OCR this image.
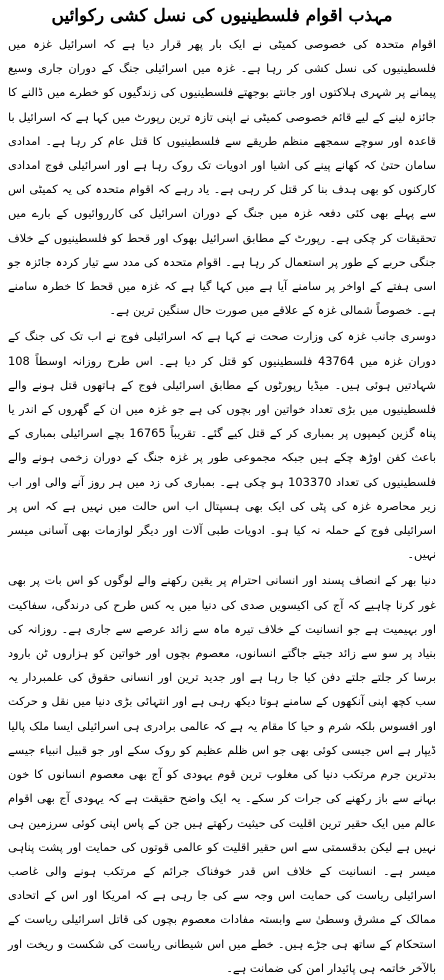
مہذب اقوام فلسطینیوں کی نسل کشی رکوائیں

اقوام متحدہ کی خصوصی کمیٹی نے ایک بار پھر قرار دیا ہے کہ اسرائیل غزہ میں فلسطینیوں کی نسل کشی کر رہا ہے۔ غزہ میں اسرائیلی جنگ کے دوران جاری وسیع پیمانے پر شہری ہلاکتوں اور جانتے بوجھتے فلسطینیوں کی زندگیوں کو خطرے میں ڈالنے کا جائزہ لینے کے لیے قائم خصوصی کمیٹی نے اپنی تازہ ترین رپورٹ میں کہا ہے کہ اسرائیل با قاعدہ اور سوچے سمجھے منظم طریقے سے فلسطینیوں کا قتل عام کر رہا ہے۔ امدادی سامان حتیٰ کہ کھانے پینے کی اشیا اور ادویات تک روک رہا ہے اور اسرائیلی فوج امدادی کارکنوں کو بھی ہدف بنا کر قتل کر رہی ہے۔ یاد رہے کہ اقوام متحدہ کی یہ کمیٹی اس سے پہلے بھی کئی دفعہ غزہ میں جنگ کے دوران اسرائیل کی کارروائیوں کے بارے میں تحقیقات کر چکی ہے۔ رپورٹ کے مطابق اسرائیل بھوک اور قحط کو فلسطینیوں کے خلاف جنگی حربے کے طور پر استعمال کر رہا ہے۔ اقوام متحدہ کی مدد سے تیار کردہ جائزہ جو اسی ہفتے کے اواخر پر سامنے آیا ہے میں کہا گیا ہے کہ غزہ میں قحط کا خطرہ سامنے ہے۔ خصوصاً شمالی غزہ کے علاقے میں صورت حال سنگین ترین ہے۔

دوسری جانب غزہ کی وزارت صحت نے کہا ہے کہ اسرائیلی فوج نے اب تک کی جنگ کے دوران غزہ میں 43764 فلسطینیوں کو قتل کر دیا ہے۔ اس طرح روزانہ اوسطاً 108 شہادتیں ہوئی ہیں۔ میڈیا رپورٹوں کے مطابق اسرائیلی فوج کے ہاتھوں قتل ہونے والے فلسطینیوں میں بڑی تعداد خواتین اور بچوں کی ہے جو غزہ میں ان کے گھروں کے اندر یا پناہ گزین کیمپوں پر بمباری کر کے قتل کیے گئے۔ تقریباً 16765 بچے اسرائیلی بمباری کے باعث کفن اوڑھ چکے ہیں جبکہ مجموعی طور پر غزہ جنگ کے دوران زخمی ہونے والے فلسطینیوں کی تعداد 103370 ہو چکی ہے۔ بمباری کی زد میں ہر روز آنے والی اور اب زیر محاصرہ غزہ کی پٹی کی ایک بھی ہسپتال اب اس حالت میں نہیں ہے کہ اس پر اسرائیلی فوج کے حملہ نہ کیا ہو۔ ادویات طبی آلات اور دیگر لوازمات بھی آسانی میسر نہیں۔

دنیا بھر کے انصاف پسند اور انسانی احترام پر یقین رکھنے والے لوگوں کو اس بات پر بھی غور کرنا چاہیے کہ آج کی اکیسویں صدی کی دنیا میں یہ کس طرح کی درندگی، سفاکیت اور بہیمیت ہے جو انسانیت کے خلاف تیرہ ماہ سے زائد عرصے سے جاری ہے۔ روزانہ کی بنیاد پر سو سے زائد جیتے جاگتے انسانوں، معصوم بچوں اور خواتین کو ہزاروں ٹن بارود برسا کر جلتے جلتے دفن کیا جا رہا ہے اور جدید ترین اور انسانی حقوق کی علمبردار یہ سب کچھ اپنی آنکھوں کے سامنے ہوتا دیکھ رہی ہے اور انتہائی بڑی دنیا میں نقل و حرکت اور افسوس بلکہ شرم و حیا کا مقام یہ ہے کہ عالمی برادری ہی اسرائیلی ایسا ملک پالیا ڈیپار ہے اس جیسی کوئی بھی جو اس ظلم عظیم کو روک سکے اور جو قبیل انبیاء جیسے بدترین جرم مرتکب دنیا کی مغلوب ترین قوم یہودی کو آج بھی معصوم انسانوں کا خون بہانے سے باز رکھنے کی جرات کر سکے۔ یہ ایک واضح حقیقت ہے کہ یہودی آج بھی اقوام عالم میں ایک حقیر ترین اقلیت کی حیثیت رکھتے ہیں جن کے پاس اپنی کوئی سرزمین ہی نہیں ہے لیکن بدقسمتی سے اس حقیر اقلیت کو عالمی قوتوں کی حمایت اور پشت پناہی میسر ہے۔ انسانیت کے خلاف اس قدر خوفناک جرائم کے مرتکب ہونے والی غاصب اسرائیلی ریاست کی حمایت اس وجہ سے کی جا رہی ہے کہ امریکا اور اس کے اتحادی ممالک کے مشرق وسطیٰ سے وابستہ مفادات معصوم بچوں کی قاتل اسرائیلی ریاست کے استحکام کے ساتھ ہی جڑے ہیں۔ خطے میں اس شیطانی ریاست کی شکست و ریخت اور بالآخر خاتمہ ہی پائیدار امن کی ضمانت ہے۔
